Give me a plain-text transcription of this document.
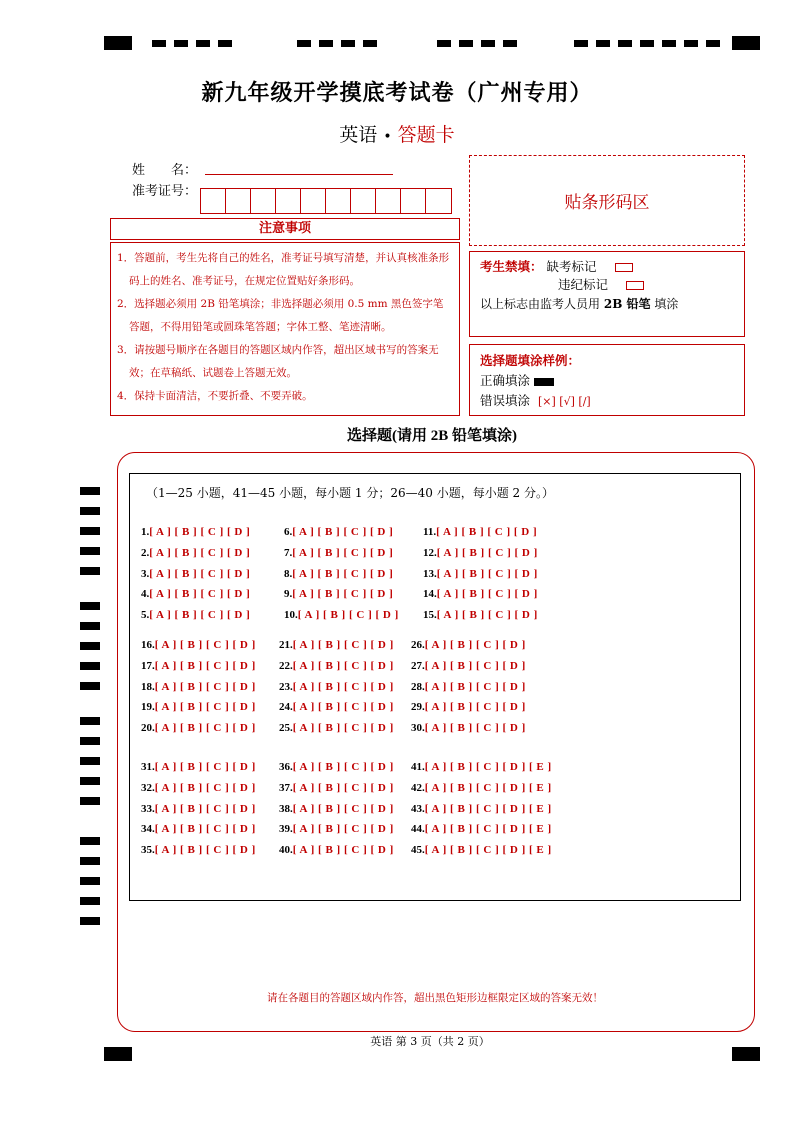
新九年级开学摸底考试卷（广州专用）
英语 • 答题卡
姓　　名：
准考证号：
贴条形码区
注意事项

1．答题前，考生先将自己的姓名，准考证号填写清楚，并认真核准条形码上的姓名、准考证号，在规定位置贴好条形码。

2．选择题必须用 2B 铅笔填涂；非选择题必须用 0.5 mm 黑色签字笔答题，不得用铅笔或圆珠笔答题；字体工整、笔迹清晰。

3．请按题号顺序在各题目的答题区域内作答，超出区域书写的答案无效；在草稿纸、试题卷上答题无效。

4．保持卡面清洁，不要折叠、不要弄破。

考生禁填： 缺考标记
违纪标记
以上标志由监考人员用 2B 铅笔 填涂
选择题填涂样例：
正确填涂
错误填涂 [×] [√] [/]
选择题(请用 2B 铅笔填涂)
（1—25 小题，41—45 小题，每小题 1 分；26—40 小题，每小题 2 分。）
1.[ A ] [ B ] [ C ] [ D ]	6.[ A ] [ B ] [ C ] [ D ]	11.[ A ] [ B ] [ C ] [ D ]
2.[ A ] [ B ] [ C ] [ D ]	7.[ A ] [ B ] [ C ] [ D ]	12.[ A ] [ B ] [ C ] [ D ]
3.[ A ] [ B ] [ C ] [ D ]	8.[ A ] [ B ] [ C ] [ D ]	13.[ A ] [ B ] [ C ] [ D ]
4.[ A ] [ B ] [ C ] [ D ]	9.[ A ] [ B ] [ C ] [ D ]	14.[ A ] [ B ] [ C ] [ D ]
5.[ A ] [ B ] [ C ] [ D ]	10.[ A ] [ B ] [ C ] [ D ] 15.[ A ] [ B ] [ C ] [ D ]
16.[ A ] [ B ] [ C ] [ D ] 21.[ A ] [ B ] [ C ] [ D ] 26.[ A ] [ B ] [ C ] [ D ]
17.[ A ] [ B ] [ C ] [ D ] 22.[ A ] [ B ] [ C ] [ D ] 27.[ A ] [ B ] [ C ] [ D ]
18.[ A ] [ B ] [ C ] [ D ] 23.[ A ] [ B ] [ C ] [ D ] 28.[ A ] [ B ] [ C ] [ D ]
19.[ A ] [ B ] [ C ] [ D ] 24.[ A ] [ B ] [ C ] [ D ] 29.[ A ] [ B ] [ C ] [ D ]
20.[ A ] [ B ] [ C ] [ D ] 25.[ A ] [ B ] [ C ] [ D ] 30.[ A ] [ B ] [ C ] [ D ]
31.[ A ] [ B ] [ C ] [ D ] 36.[ A ] [ B ] [ C ] [ D ] 41.[ A ] [ B ] [ C ] [ D ] [ E ]
32.[ A ] [ B ] [ C ] [ D ] 37.[ A ] [ B ] [ C ] [ D ] 42.[ A ] [ B ] [ C ] [ D ] [ E ]
33.[ A ] [ B ] [ C ] [ D ] 38.[ A ] [ B ] [ C ] [ D ] 43.[ A ] [ B ] [ C ] [ D ] [ E ]
34.[ A ] [ B ] [ C ] [ D ] 39.[ A ] [ B ] [ C ] [ D ] 44.[ A ] [ B ] [ C ] [ D ] [ E ]
35.[ A ] [ B ] [ C ] [ D ] 40.[ A ] [ B ] [ C ] [ D ] 45.[ A ] [ B ] [ C ] [ D ] [ E ]
请在各题目的答题区域内作答，超出黑色矩形边框限定区域的答案无效！
英语 第 3 页（共 2 页）
